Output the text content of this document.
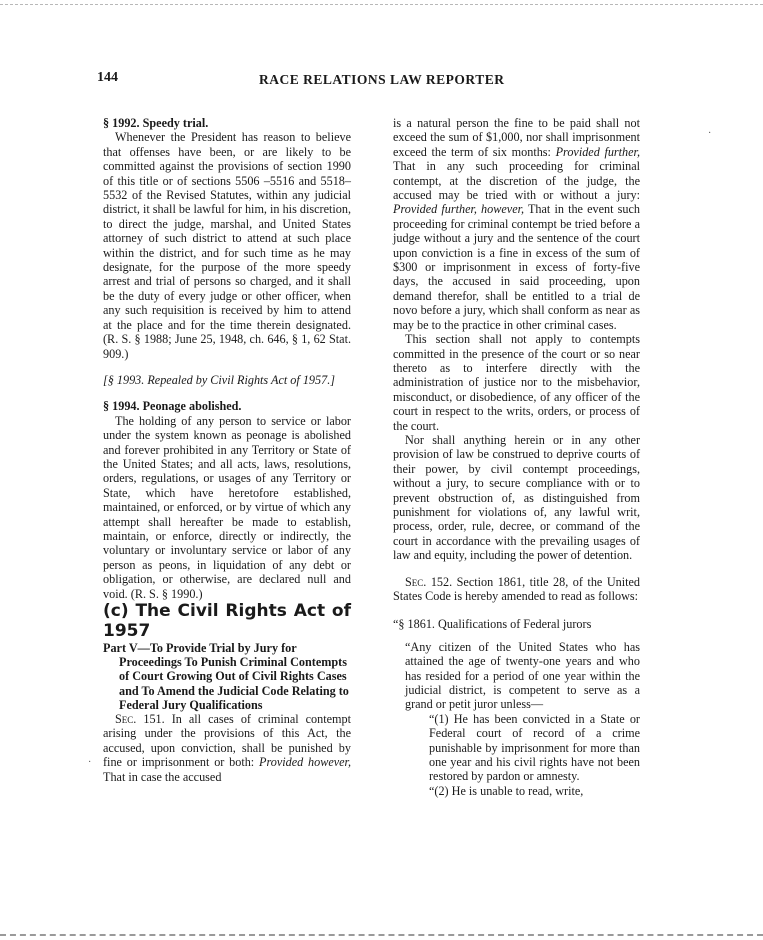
144	RACE RELATIONS LAW REPORTER

§ 1992. Speedy trial.

Whenever the President has reason to believe that offenses have been, or are likely to be committed against the provisions of section 1990 of this title or of sections 5506 –5516 and 5518–5532 of the Revised Statutes, within any judicial district, it shall be lawful for him, in his discretion, to direct the judge, marshal, and United States attorney of such district to attend at such place within the district, and for such time as he may designate, for the purpose of the more speedy arrest and trial of persons so charged, and it shall be the duty of every judge or other officer, when any such requisition is received by him to attend at the place and for the time therein designated. (R. S. § 1988; June 25, 1948, ch. 646, § 1, 62 Stat. 909.)

[§ 1993. Repealed by Civil Rights Act of 1957.]

§ 1994. Peonage abolished.

The holding of any person to service or labor under the system known as peonage is abolished and forever prohibited in any Territory or State of the United States; and all acts, laws, resolutions, orders, regulations, or usages of any Territory or State, which have heretofore established, maintained, or enforced, or by virtue of which any attempt shall hereafter be made to establish, maintain, or enforce, directly or indirectly, the voluntary or involuntary service or labor of any person as peons, in liquidation of any debt or obligation, or otherwise, are declared null and void. (R. S. § 1990.)

(c) The Civil Rights Act of 1957

Part V—To Provide Trial by Jury for Proceedings To Punish Criminal Contempts of Court Growing Out of Civil Rights Cases and To Amend the Judicial Code Relating to Federal Jury Qualifications

Sec. 151. In all cases of criminal contempt arising under the provisions of this Act, the accused, upon conviction, shall be punished by fine or imprisonment or both: Provided however, That in case the accused

is a natural person the fine to be paid shall not exceed the sum of $1,000, nor shall imprisonment exceed the term of six months: Provided further, That in any such proceeding for criminal contempt, at the discretion of the judge, the accused may be tried with or without a jury: Provided further, however, That in the event such proceeding for criminal contempt be tried before a judge without a jury and the sentence of the court upon conviction is a fine in excess of the sum of $300 or imprisonment in excess of forty-five days, the accused in said proceeding, upon demand therefor, shall be entitled to a trial de novo before a jury, which shall conform as near as may be to the practice in other criminal cases.

This section shall not apply to contempts committed in the presence of the court or so near thereto as to interfere directly with the administration of justice nor to the misbehavior, misconduct, or disobedience, of any officer of the court in respect to the writs, orders, or process of the court.

Nor shall anything herein or in any other provision of law be construed to deprive courts of their power, by civil contempt proceedings, without a jury, to secure compliance with or to prevent obstruction of, as distinguished from punishment for violations of, any lawful writ, process, order, rule, decree, or command of the court in accordance with the prevailing usages of law and equity, including the power of detention.

Sec. 152. Section 1861, title 28, of the United States Code is hereby amended to read as follows:

“§ 1861. Qualifications of Federal jurors

“Any citizen of the United States who has attained the age of twenty-one years and who has resided for a period of one year within the judicial district, is competent to serve as a grand or petit juror unless—

“(1) He has been convicted in a State or Federal court of record of a crime punishable by imprisonment for more than one year and his civil rights have not been restored by pardon or amnesty.

“(2) He is unable to read, write,

·
·
